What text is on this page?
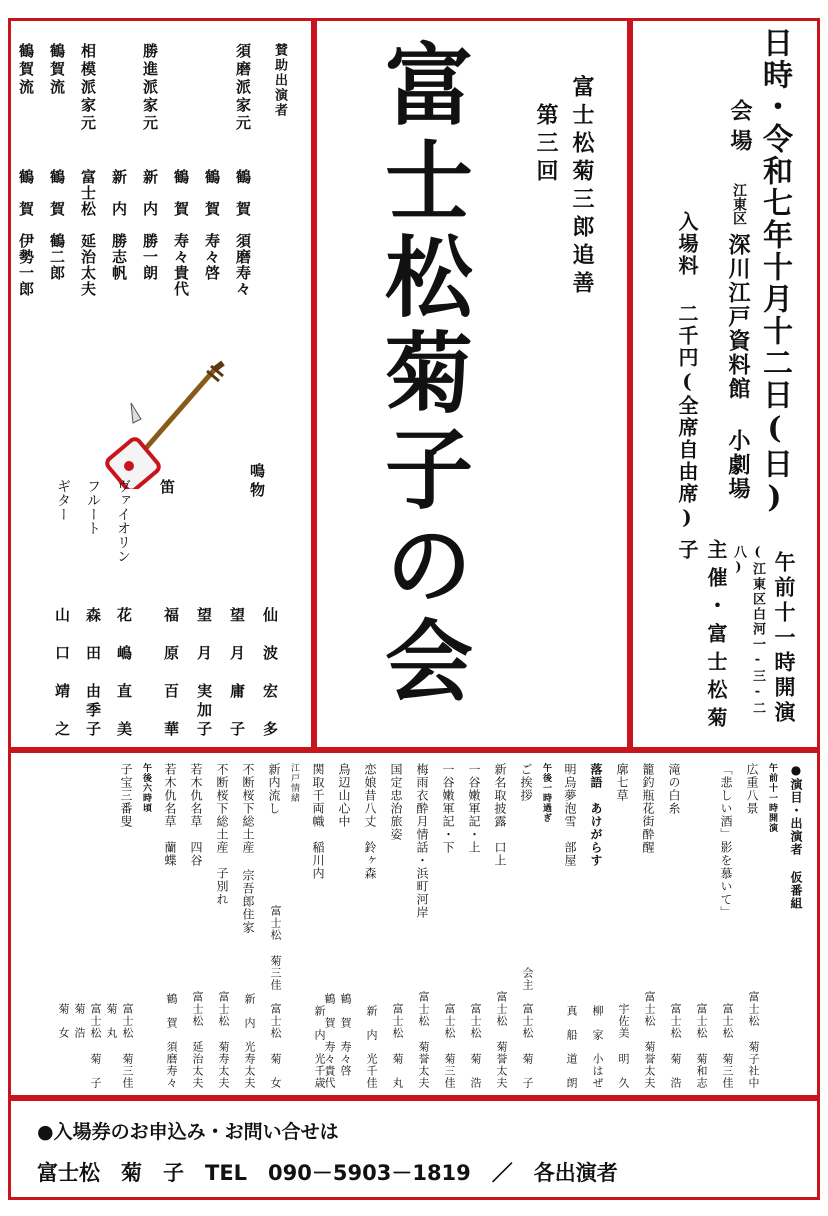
賛助出演者
須磨派家元
鶴　賀　須磨寿々
鶴　賀　寿々啓
鶴　賀　寿々貴代
勝進派家元
新　内　勝一朗
新　内　勝志帆
相模派家元
富士松　延治太夫
鶴賀流
鶴　賀　鶴二郎
鶴賀流
鶴　賀　伊勢一郎
鳴物
笛
ヴァイオリン
フルート
ギター
仙　波　宏　多
望　月　庸　子
望　月　実加子
福　原　百　華
花　嶋　直　美
森　田　由季子
山　口　靖　之
富士松菊三郎追善
第三回
富士松菊子の会	日時・令和七年十月十二日(日)
午前十一時開演
会場
江東区
深川江戸資料館 小劇場
(江東区白河一-三-二八)
入場料 二千円(全席自由席)
主催・富士松菊子
●演目・出演者 仮番組
午前十一時開演
広重八景
富士松 菊子社中
「悲しい酒」影を慕いて」
富士松 菊三佳
富士松 菊和志
滝の白糸
富士松 菊　浩
籠釣瓶花街酔醒
富士松 菊誉太夫
廓七草
宇佐美 明　久
落語　あけがらす
柳　家　小はぜ
明烏夢泡雪　部屋
真　船　道　朗
午後一時過ぎ
ご挨拶
会主　富士松 菊　子
新名取披露　口上
富士松 菊誉太夫
一谷嫩軍記・上
富士松 菊　浩
一谷嫩軍記・下
富士松 菊三佳
梅雨衣酔月情話・浜町河岸
富士松 菊誉太夫
国定忠治旅姿
富士松 菊　丸
恋娘昔八丈　鈴ヶ森
新　内　光千佳
鳥辺山心中
鶴　賀　寿々啓
鶴　賀　寿々貴代
関取千両幟　稲川内
新　内　光千歳
江戸情緒
新内流し
富士松 菊三佳　富士松 菊　女
不断桜下総土産 宗吾郎住家
新　内　光寿太夫
不断桜下総土産　子別れ
富士松 菊寿太夫
若木仇名草　四谷
富士松 延治太夫
若木仇名草　蘭蝶
鶴　賀　須磨寿々
午後六時頃
子宝三番叟
富士松 菊三佳
菊　丸
富士松 菊　子
菊　浩
菊　女
●入場券のお申込み・お問い合せは
富士松　菊　子　TEL　090－5903－1819　／　各出演者
